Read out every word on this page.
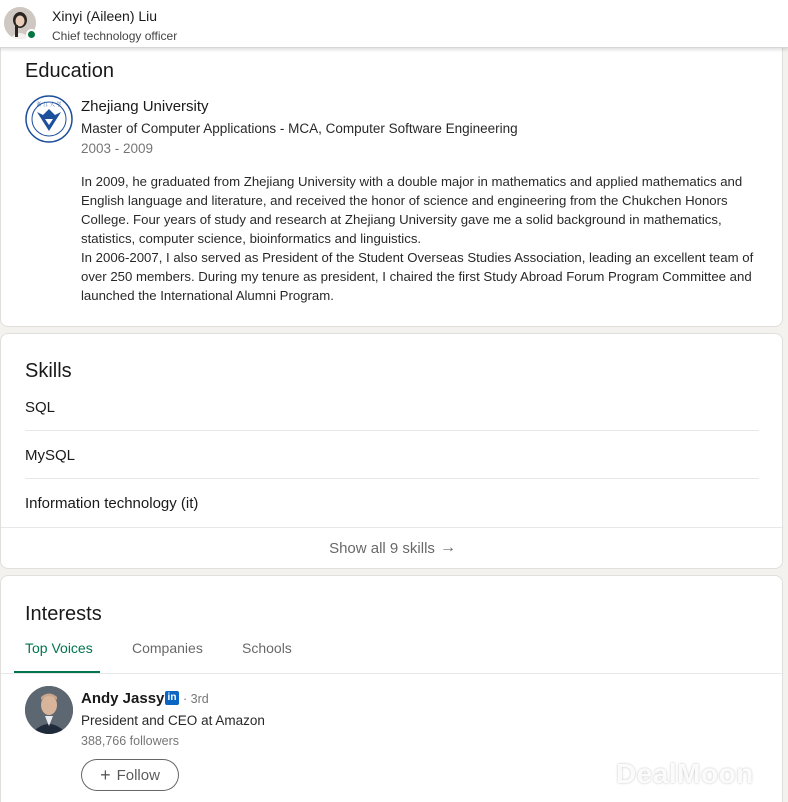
Xinyi (Aileen) Liu
Chief technology officer
Education
浙 江 大 学 Zhejiang University
Master of Computer Applications - MCA, Computer Software Engineering
2003 - 2009

In 2009, he graduated from Zhejiang University with a double major in mathematics and applied mathematics and English language and literature, and received the honor of science and engineering from the Chukchen Honors College. Four years of study and research at Zhejiang University gave me a solid background in mathematics, statistics, computer science, bioinformatics and linguistics.

In 2006-2007, I also served as President of the Student Overseas Studies Association, leading an excellent team of over 250 members. During my tenure as president, I chaired the first Study Abroad Forum Program Committee and launched the International Alumni Program.

Skills
SQL
MySQL
Information technology (it)
Show all 9 skills →
Interests
Top Voices	Companies	Schools
Andy Jassy in · 3rd
President and CEO at Amazon
388,766 followers
+ Follow	DealMoon
